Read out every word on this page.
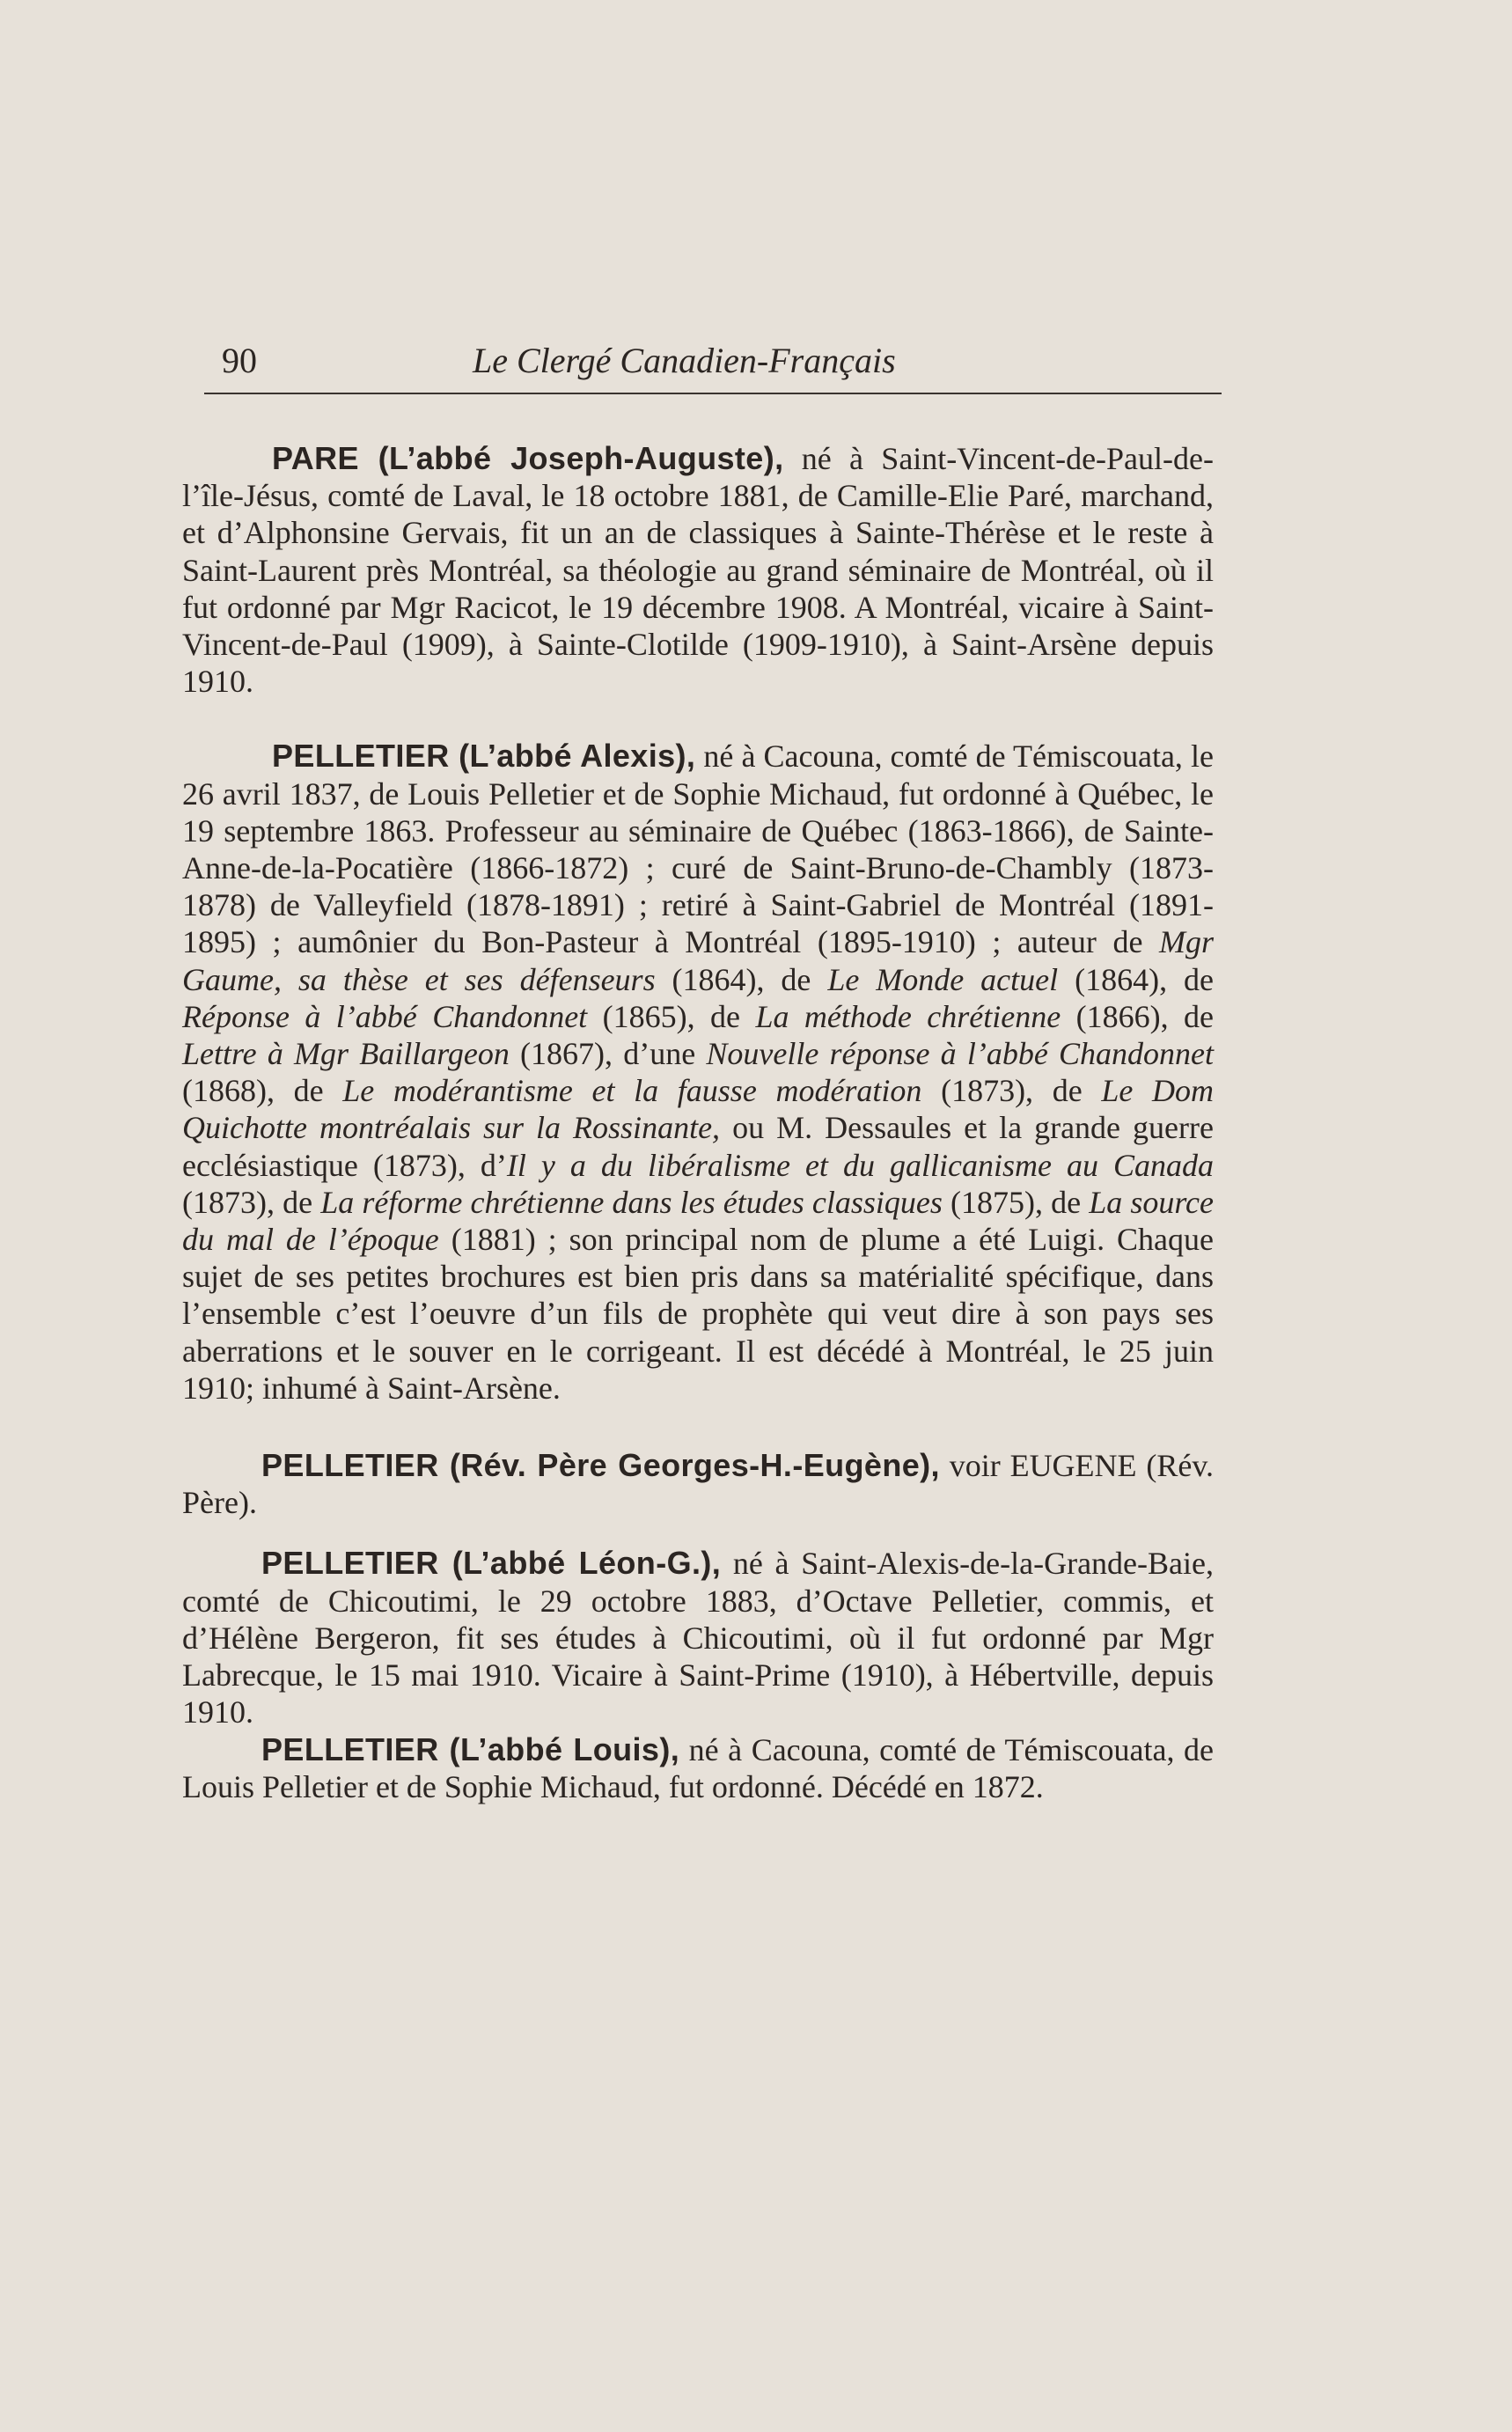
90	Le Clergé Canadien-Français

PARE (L’abbé Joseph-Auguste), né à Saint-Vincent-de-Paul-de-l’île-Jésus, comté de Laval, le 18 octobre 1881, de Camille-Elie Paré, marchand, et d’Alphonsine Gervais, fit un an de classiques à Sainte-Thérèse et le reste à Saint-Laurent près Montréal, sa théologie au grand séminaire de Montréal, où il fut ordonné par Mgr Racicot, le 19 décembre 1908. A Montréal, vicaire à Saint-Vincent-de-Paul (1909), à Sainte-Clotilde (1909-1910), à Saint-Arsène depuis 1910.

PELLETIER (L’abbé Alexis), né à Cacouna, comté de Témiscouata, le 26 avril 1837, de Louis Pelletier et de Sophie Michaud, fut ordonné à Québec, le 19 septembre 1863. Professeur au séminaire de Québec (1863-1866), de Sainte-Anne-de-la-Pocatière (1866-1872) ; curé de Saint-Bruno-de-Chambly (1873-1878) de Valleyfield (1878-1891) ; retiré à Saint-Gabriel de Montréal (1891-1895) ; aumônier du Bon-Pasteur à Montréal (1895-1910) ; auteur de Mgr Gaume, sa thèse et ses défenseurs (1864), de Le Monde actuel (1864), de Réponse à l’abbé Chandonnet (1865), de La méthode chrétienne (1866), de Lettre à Mgr Baillargeon (1867), d’une Nouvelle réponse à l’abbé Chandonnet (1868), de Le modérantisme et la fausse modération (1873), de Le Dom Quichotte montréalais sur la Rossinante, ou M. Dessaules et la grande guerre ecclésiastique (1873), d’Il y a du libéralisme et du gallicanisme au Canada (1873), de La réforme chrétienne dans les études classiques (1875), de La source du mal de l’époque (1881) ; son principal nom de plume a été Luigi. Chaque sujet de ses petites brochures est bien pris dans sa matérialité spécifique, dans l’ensemble c’est l’oeuvre d’un fils de prophète qui veut dire à son pays ses aberrations et le souver en le corrigeant. Il est décédé à Montréal, le 25 juin 1910; inhumé à Saint-Arsène.

PELLETIER (Rév. Père Georges-H.-Eugène), voir EUGENE (Rév. Père).

PELLETIER (L’abbé Léon-G.), né à Saint-Alexis-de-la-Grande-Baie, comté de Chicoutimi, le 29 octobre 1883, d’Octave Pelletier, commis, et d’Hélène Bergeron, fit ses études à Chicoutimi, où il fut ordonné par Mgr Labrecque, le 15 mai 1910. Vicaire à Saint-Prime (1910), à Hébertville, depuis 1910.

PELLETIER (L’abbé Louis), né à Cacouna, comté de Témiscouata, de Louis Pelletier et de Sophie Michaud, fut ordonné. Décédé en 1872.
